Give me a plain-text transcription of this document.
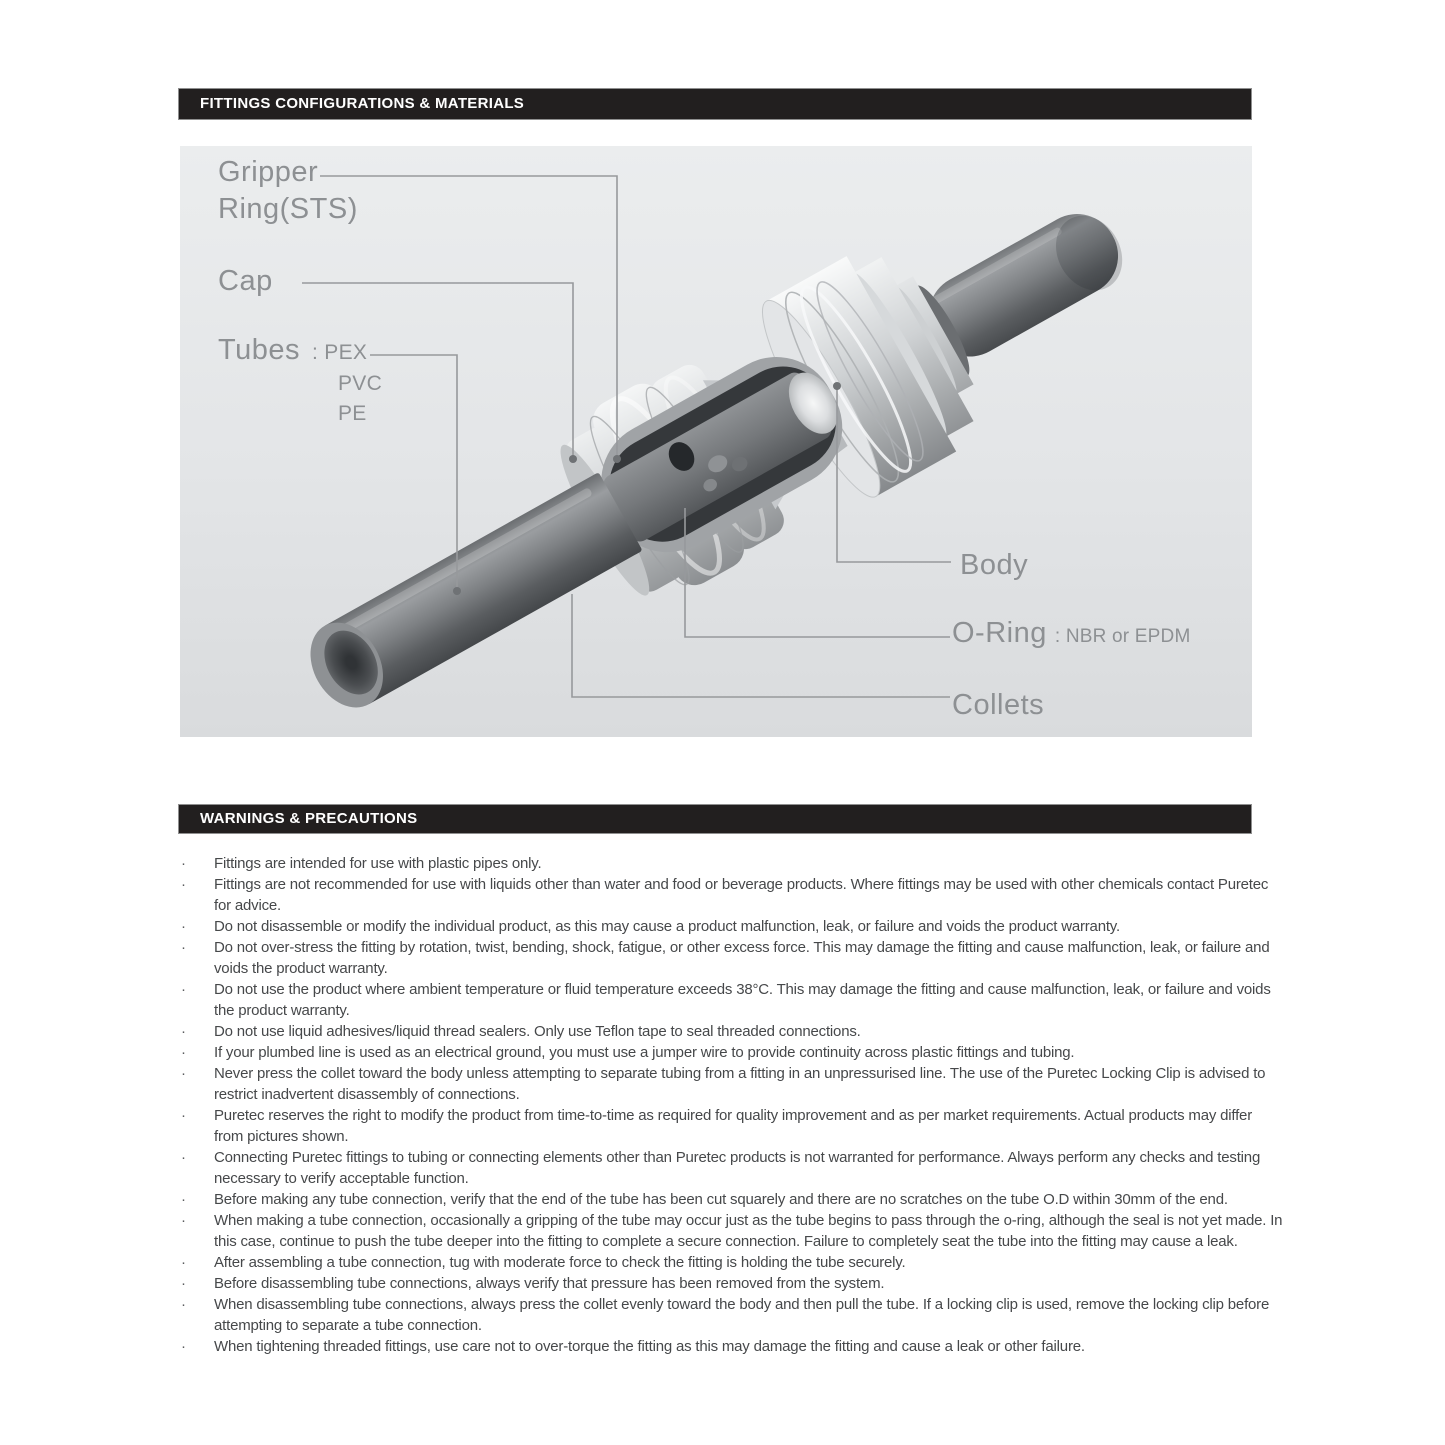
FITTINGS CONFIGURATIONS & MATERIALS
Gripper
Ring(STS)
Cap
Tubes : PEX
PVC
PE
Body
O-Ring : NBR or EPDM
Collets
WARNINGS & PRECAUTIONS
· Fittings are intended for use with plastic pipes only.
· Fittings are not recommended for use with liquids other than water and food or beverage products. Where fittings may be used with other chemicals contact Puretec for advice.
· Do not disassemble or modify the individual product, as this may cause a product malfunction, leak, or failure and voids the product warranty.
· Do not over-stress the fitting by rotation, twist, bending, shock, fatigue, or other excess force. This may damage the fitting and cause malfunction, leak, or failure and voids the product warranty.
· Do not use the product where ambient temperature or fluid temperature exceeds 38°C. This may damage the fitting and cause malfunction, leak, or failure and voids the product warranty.
· Do not use liquid adhesives/liquid thread sealers. Only use Teflon tape to seal threaded connections.
· If your plumbed line is used as an electrical ground, you must use a jumper wire to provide continuity across plastic fittings and tubing.
· Never press the collet toward the body unless attempting to separate tubing from a fitting in an unpressurised line. The use of the Puretec Locking Clip is advised to restrict inadvertent disassembly of connections.
· Puretec reserves the right to modify the product from time-to-time as required for quality improvement and as per market requirements. Actual products may differ from pictures shown.
· Connecting Puretec fittings to tubing or connecting elements other than Puretec products is not warranted for performance. Always perform any checks and testing necessary to verify acceptable function.
· Before making any tube connection, verify that the end of the tube has been cut squarely and there are no scratches on the tube O.D within 30mm of the end.
· When making a tube connection, occasionally a gripping of the tube may occur just as the tube begins to pass through the o-ring, although the seal is not yet made. In this case, continue to push the tube deeper into the fitting to complete a secure connection. Failure to completely seat the tube into the fitting may cause a leak.
· After assembling a tube connection, tug with moderate force to check the fitting is holding the tube securely.
· Before disassembling tube connections, always verify that pressure has been removed from the system.
· When disassembling tube connections, always press the collet evenly toward the body and then pull the tube. If a locking clip is used, remove the locking clip before attempting to separate a tube connection.
· When tightening threaded fittings, use care not to over-torque the fitting as this may damage the fitting and cause a leak or other failure.
